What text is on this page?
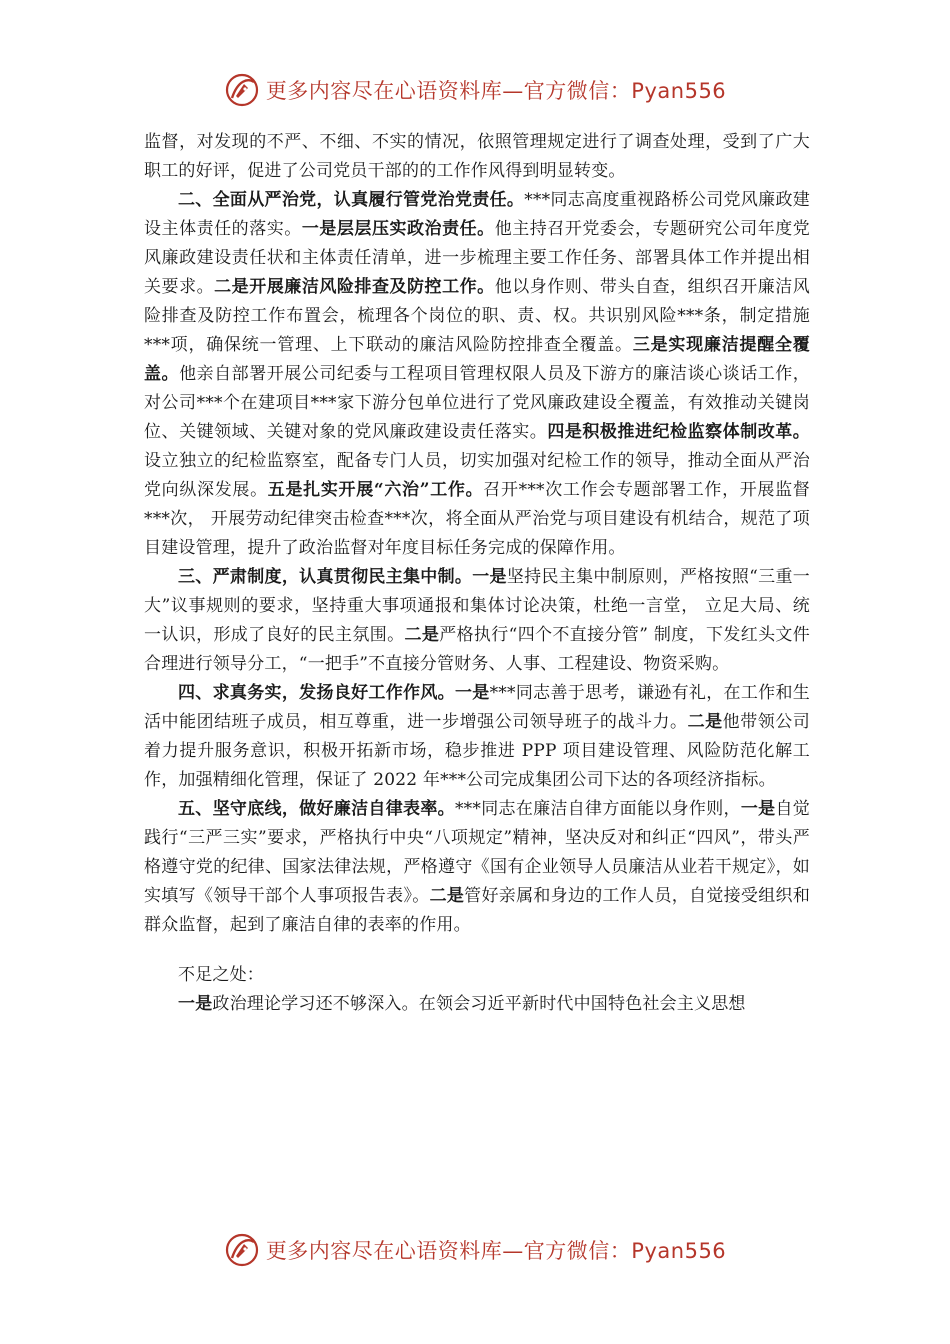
更多内容尽在心语资料库—官方微信：Pyan556

监督，对发现的不严、不细、不实的情况，依照管理规定进行了调查处理，受到了广大职工的好评，促进了公司党员干部的的工作作风得到明显转变。

二、全面从严治党，认真履行管党治党责任。***同志高度重视路桥公司党风廉政建设主体责任的落实。一是层层压实政治责任。他主持召开党委会，专题研究公司年度党风廉政建设责任状和主体责任清单，进一步梳理主要工作任务、部署具体工作并提出相关要求。二是开展廉洁风险排查及防控工作。他以身作则、带头自查，组织召开廉洁风险排查及防控工作布置会，梳理各个岗位的职、责、权。共识别风险***条，制定措施***项，确保统一管理、上下联动的廉洁风险防控排查全覆盖。三是实现廉洁提醒全覆盖。他亲自部署开展公司纪委与工程项目管理权限人员及下游方的廉洁谈心谈话工作，对公司***个在建项目***家下游分包单位进行了党风廉政建设全覆盖，有效推动关键岗位、关键领域、关键对象的党风廉政建设责任落实。四是积极推进纪检监察体制改革。设立独立的纪检监察室，配备专门人员，切实加强对纪检工作的领导，推动全面从严治党向纵深发展。五是扎实开展“六治”工作。召开***次工作会专题部署工作，开展监督***次， 开展劳动纪律突击检查***次，将全面从严治党与项目建设有机结合，规范了项目建设管理，提升了政治监督对年度目标任务完成的保障作用。

三、严肃制度，认真贯彻民主集中制。一是坚持民主集中制原则，严格按照“三重一大”议事规则的要求，坚持重大事项通报和集体讨论决策，杜绝一言堂， 立足大局、统一认识，形成了良好的民主氛围。二是严格执行“四个不直接分管” 制度，下发红头文件合理进行领导分工，“一把手”不直接分管财务、人事、工程建设、物资采购。

四、求真务实，发扬良好工作作风。一是***同志善于思考，谦逊有礼，在工作和生活中能团结班子成员，相互尊重，进一步增强公司领导班子的战斗力。二是他带领公司着力提升服务意识，积极开拓新市场，稳步推进 PPP 项目建设管理、风险防范化解工作，加强精细化管理，保证了 2022 年***公司完成集团公司下达的各项经济指标。

五、坚守底线，做好廉洁自律表率。***同志在廉洁自律方面能以身作则，一是自觉践行“三严三实”要求，严格执行中央“八项规定”精神，坚决反对和纠正“四风”，带头严格遵守党的纪律、国家法律法规，严格遵守《国有企业领导人员廉洁从业若干规定》，如实填写《领导干部个人事项报告表》。二是管好亲属和身边的工作人员，自觉接受组织和群众监督，起到了廉洁自律的表率的作用。

不足之处：

一是政治理论学习还不够深入。在领会习近平新时代中国特色社会主义思想

更多内容尽在心语资料库—官方微信：Pyan556
